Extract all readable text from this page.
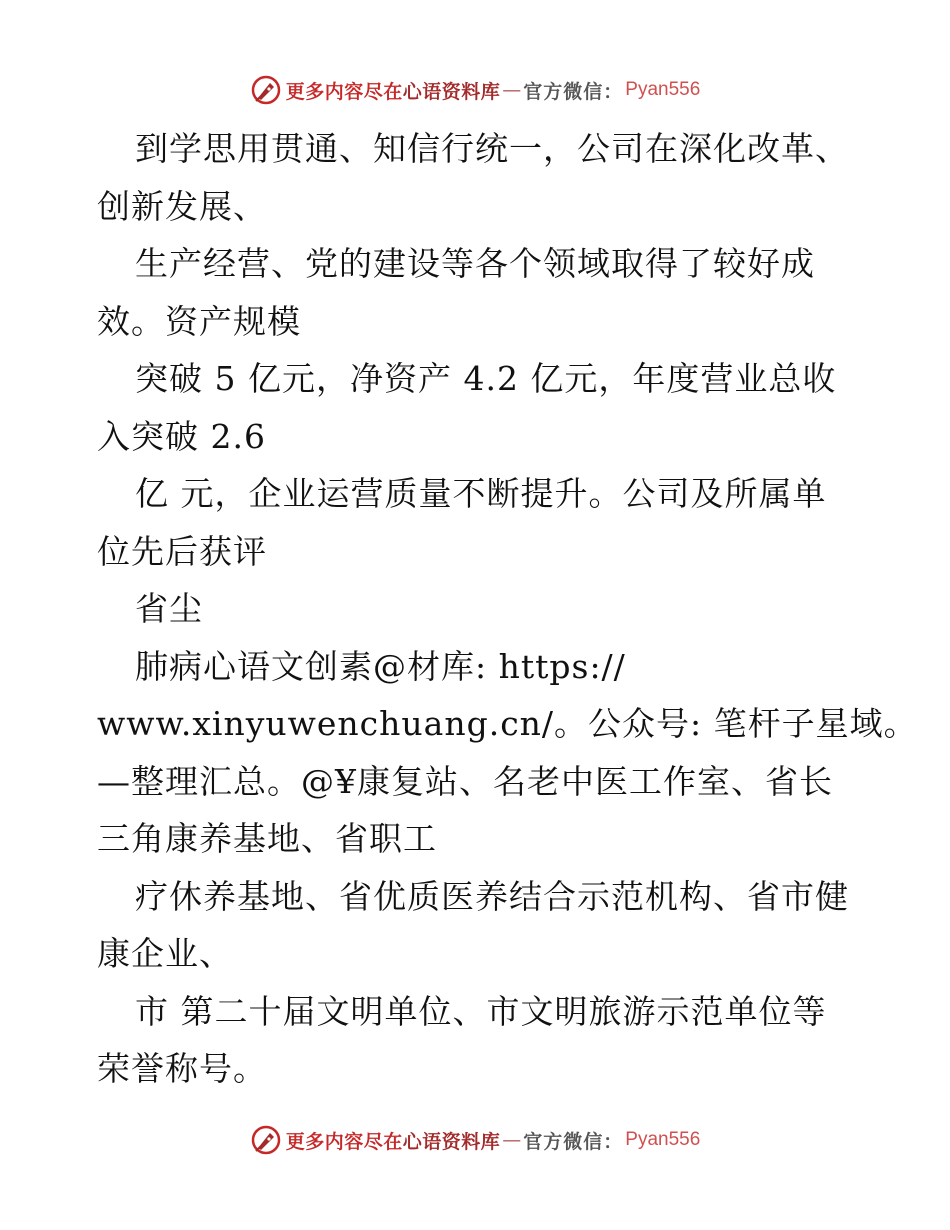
更多内容尽在心语资料库 — 官方微信： Pyan556
到学思用贯通、知信行统一，公司在深化改革、
创新发展、
生产经营、党的建设等各个领域取得了较好成
效。资产规模
突破 5 亿元，净资产 4.2 亿元，年度营业总收
入突破 2.6
亿 元，企业运营质量不断提升。公司及所属单
位先后获评
省尘
肺病心语文创素@材库: https://
www.xinyuwenchuang.cn/。公众号: 笔杆子星域。
—整理汇总。@¥康复站、名老中医工作室、省长
三角康养基地、省职工
疗休养基地、省优质医养结合示范机构、省市健
康企业、
市 第二十届文明单位、市文明旅游示范单位等
荣誉称号。
更多内容尽在心语资料库 — 官方微信： Pyan556
